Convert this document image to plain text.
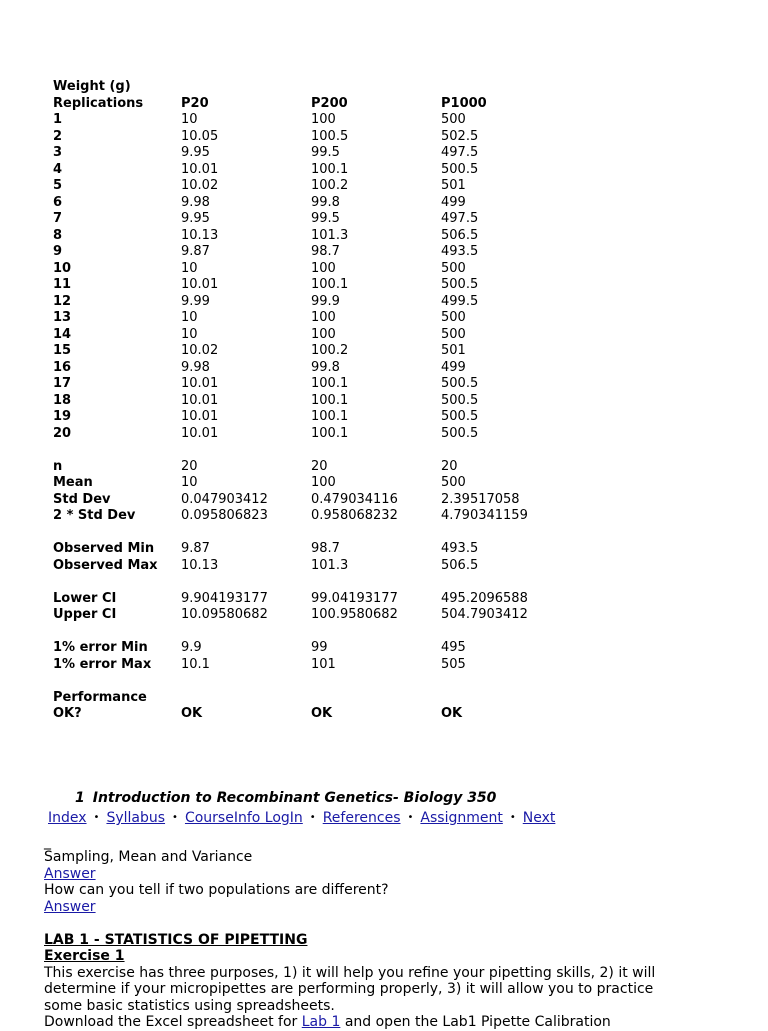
Weight (g)
Replications	P20	P200	P1000
1	10	100	500
2	10.05	100.5	502.5
3	9.95	99.5	497.5
4	10.01	100.1	500.5
5	10.02	100.2	501
6	9.98	99.8	499
7	9.95	99.5	497.5
8	10.13	101.3	506.5
9	9.87	98.7	493.5
10	10	100	500
11	10.01	100.1	500.5
12	9.99	99.9	499.5
13	10	100	500
14	10	100	500
15	10.02	100.2	501
16	9.98	99.8	499
17	10.01	100.1	500.5
18	10.01	100.1	500.5
19	10.01	100.1	500.5
20	10.01	100.1	500.5
n	20	20	20
Mean	10	100	500
Std Dev	0.047903412	0.479034116	2.39517058
2 * Std Dev	0.095806823	0.958068232	4.790341159
Observed Min	9.87	98.7	493.5
Observed Max	10.13	101.3	506.5
Lower CI	9.904193177	99.04193177	495.2096588
Upper CI	10.09580682	100.9580682	504.7903412
1% error Min	9.9	99	495
1% error Max	10.1	101	505
Performance
OK?	OK	OK	OK
1 Introduction to Recombinant Genetics- Biology 350
Index • Syllabus • CourseInfo LogIn • References • Assignment • Next
_

Sampling, Mean and Variance

Answer

How can you tell if two populations are different?

Answer

LAB 1 - STATISTICS OF PIPETTING

Exercise 1

This exercise has three purposes, 1) it will help you refine your pipetting skills, 2) it will determine if your micropipettes are performing properly, 3) it will allow you to practice some basic statistics using spreadsheets.

Download the Excel spreadsheet for Lab 1 and open the Lab1 Pipette Calibration
